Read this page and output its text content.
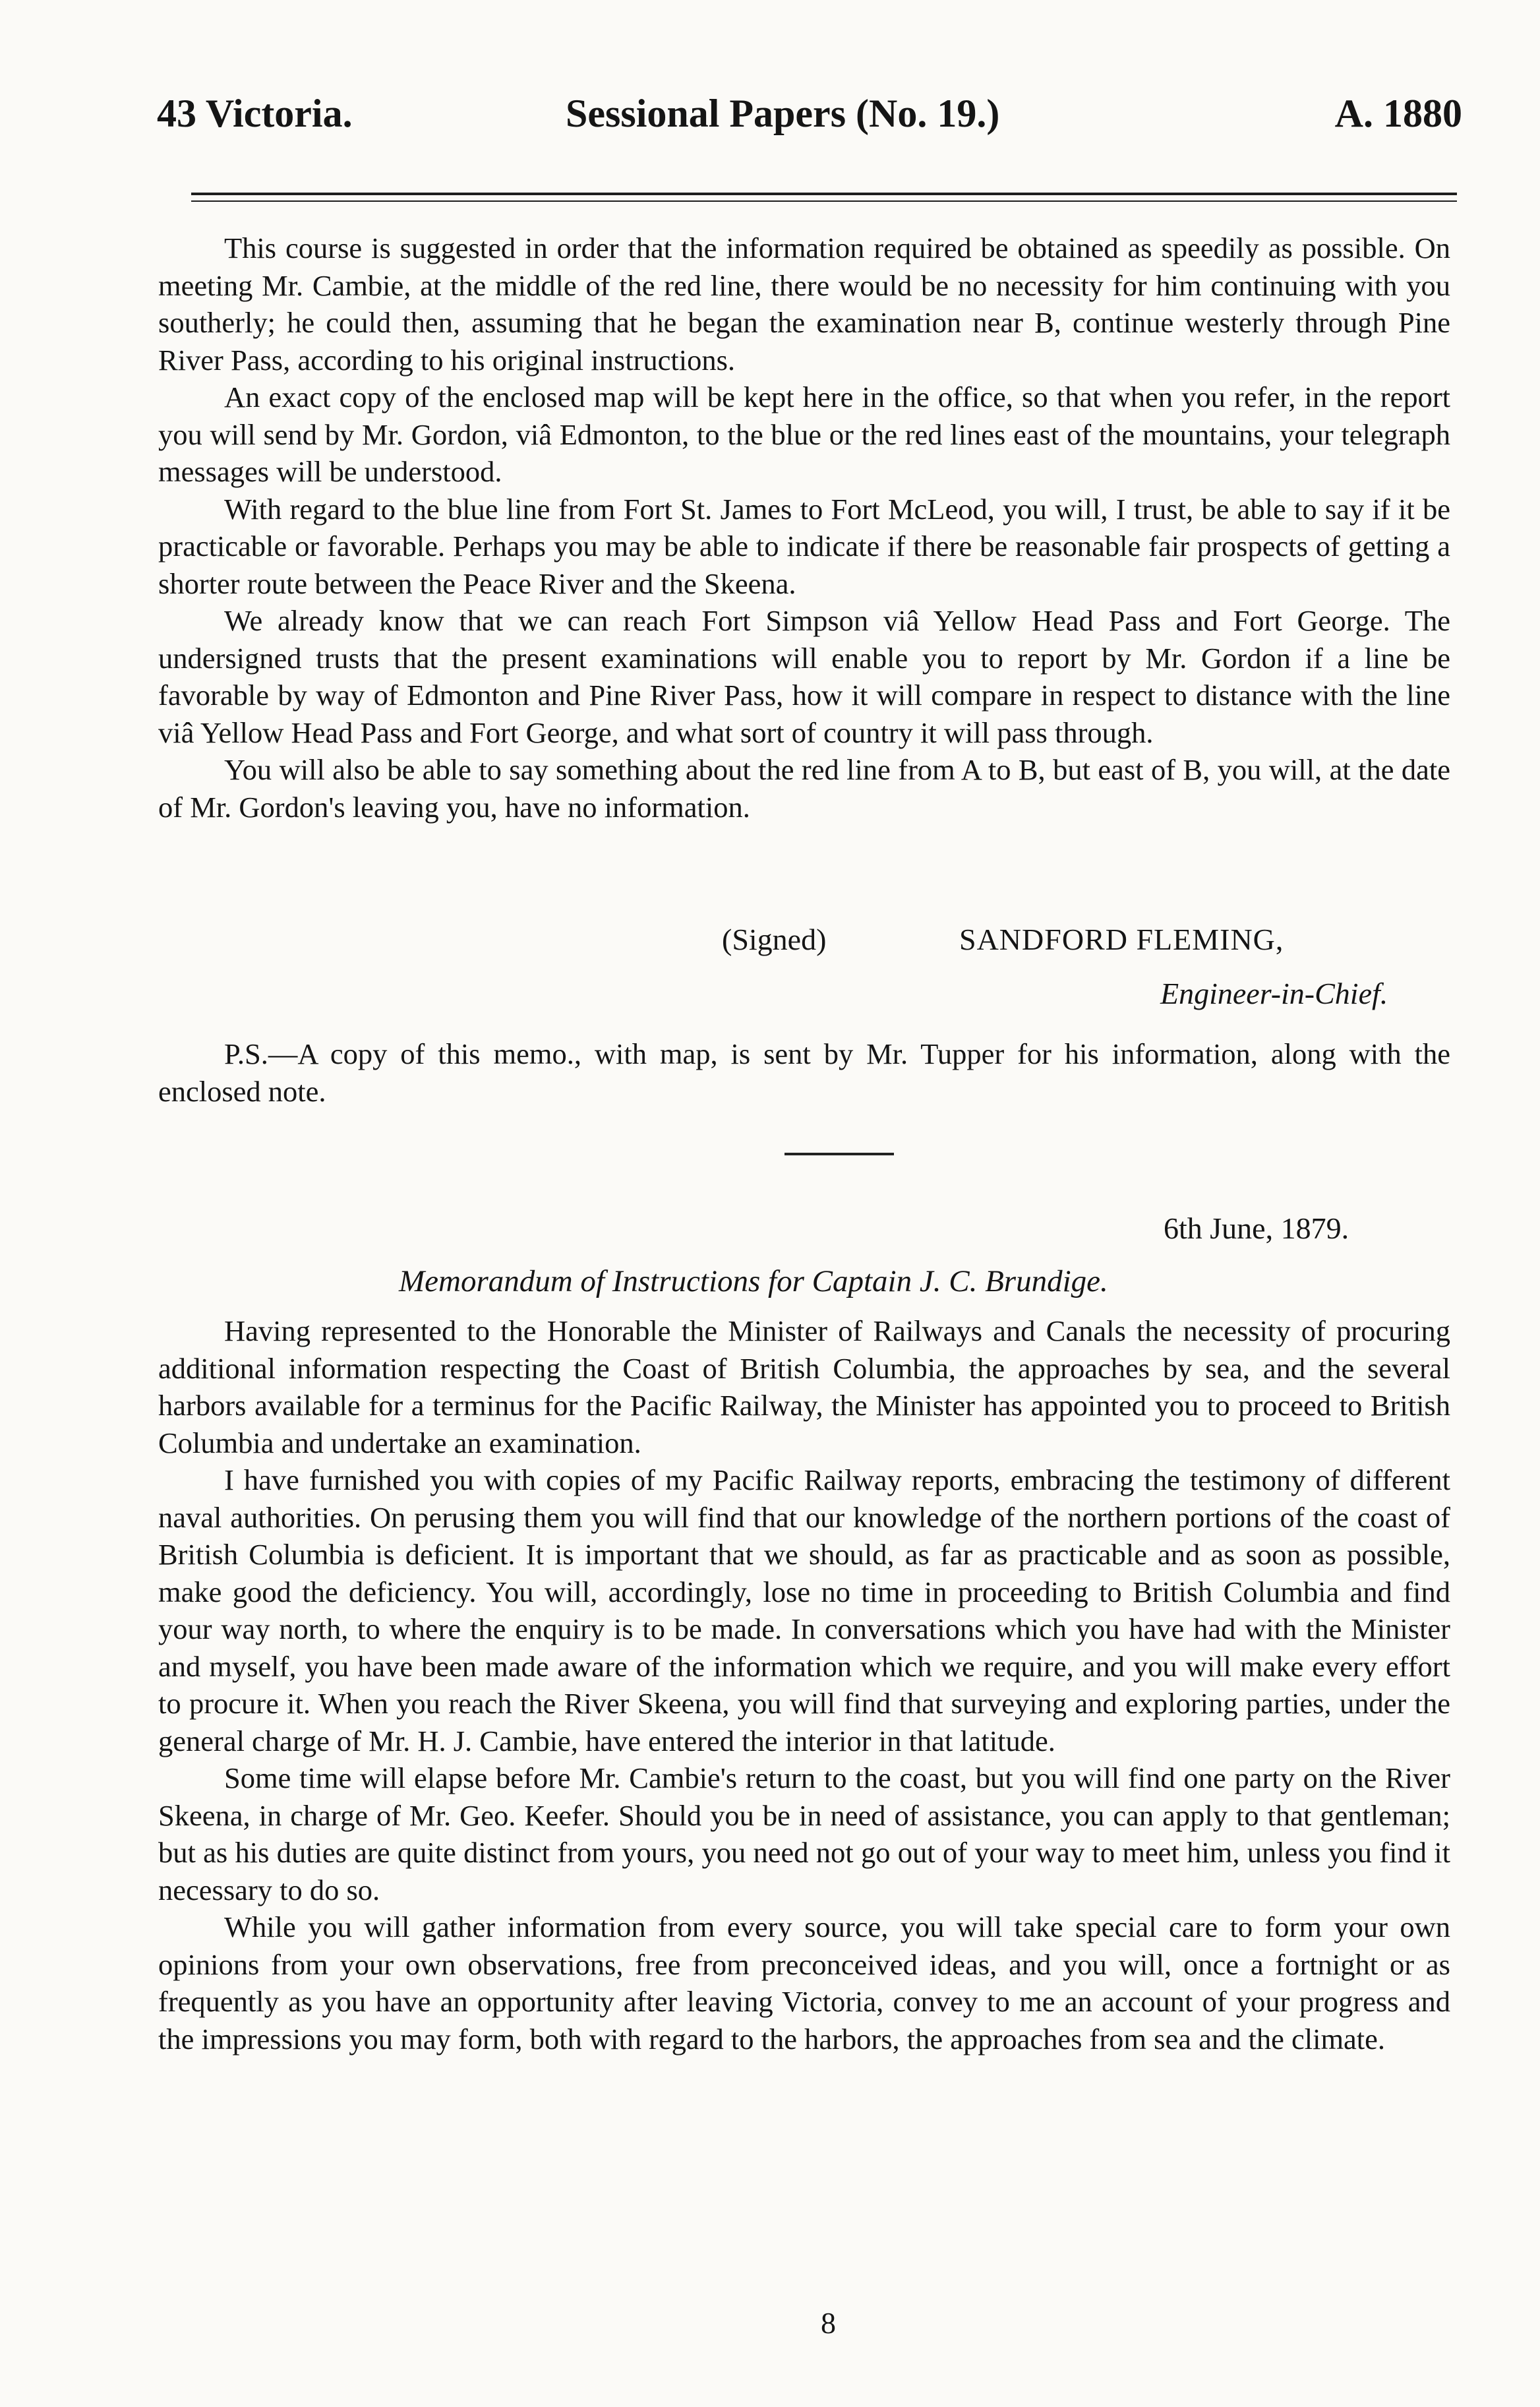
43 Victoria.	Sessional Papers (No. 19.)	A. 1880

This course is suggested in order that the information required be obtained as speedily as possible. On meeting Mr. Cambie, at the middle of the red line, there would be no necessity for him continuing with you southerly; he could then, assuming that he began the examination near B, continue westerly through Pine River Pass, according to his original instructions.

An exact copy of the enclosed map will be kept here in the office, so that when you refer, in the report you will send by Mr. Gordon, viâ Edmonton, to the blue or the red lines east of the mountains, your telegraph messages will be understood.

With regard to the blue line from Fort St. James to Fort McLeod, you will, I trust, be able to say if it be practicable or favorable. Perhaps you may be able to indicate if there be reasonable fair prospects of getting a shorter route between the Peace River and the Skeena.

We already know that we can reach Fort Simpson viâ Yellow Head Pass and Fort George. The undersigned trusts that the present examinations will enable you to report by Mr. Gordon if a line be favorable by way of Edmonton and Pine River Pass, how it will compare in respect to distance with the line viâ Yellow Head Pass and Fort George, and what sort of country it will pass through.

You will also be able to say something about the red line from A to B, but east of B, you will, at the date of Mr. Gordon's leaving you, have no information.

(Signed)	SANDFORD FLEMING,
Engineer-in-Chief.

P.S.—A copy of this memo., with map, is sent by Mr. Tupper for his information, along with the enclosed note.

6th June, 1879.
Memorandum of Instructions for Captain J. C. Brundige.

Having represented to the Honorable the Minister of Railways and Canals the necessity of procuring additional information respecting the Coast of British Columbia, the approaches by sea, and the several harbors available for a terminus for the Pacific Railway, the Minister has appointed you to proceed to British Columbia and undertake an examination.

I have furnished you with copies of my Pacific Railway reports, embracing the testimony of different naval authorities. On perusing them you will find that our knowledge of the northern portions of the coast of British Columbia is deficient. It is important that we should, as far as practicable and as soon as possible, make good the deficiency. You will, accordingly, lose no time in proceeding to British Columbia and find your way north, to where the enquiry is to be made. In conversations which you have had with the Minister and myself, you have been made aware of the information which we require, and you will make every effort to procure it. When you reach the River Skeena, you will find that surveying and exploring parties, under the general charge of Mr. H. J. Cambie, have entered the interior in that latitude.

Some time will elapse before Mr. Cambie's return to the coast, but you will find one party on the River Skeena, in charge of Mr. Geo. Keefer. Should you be in need of assistance, you can apply to that gentleman; but as his duties are quite distinct from yours, you need not go out of your way to meet him, unless you find it necessary to do so.

While you will gather information from every source, you will take special care to form your own opinions from your own observations, free from preconceived ideas, and you will, once a fortnight or as frequently as you have an opportunity after leaving Victoria, convey to me an account of your progress and the impressions you may form, both with regard to the harbors, the approaches from sea and the climate.

8
